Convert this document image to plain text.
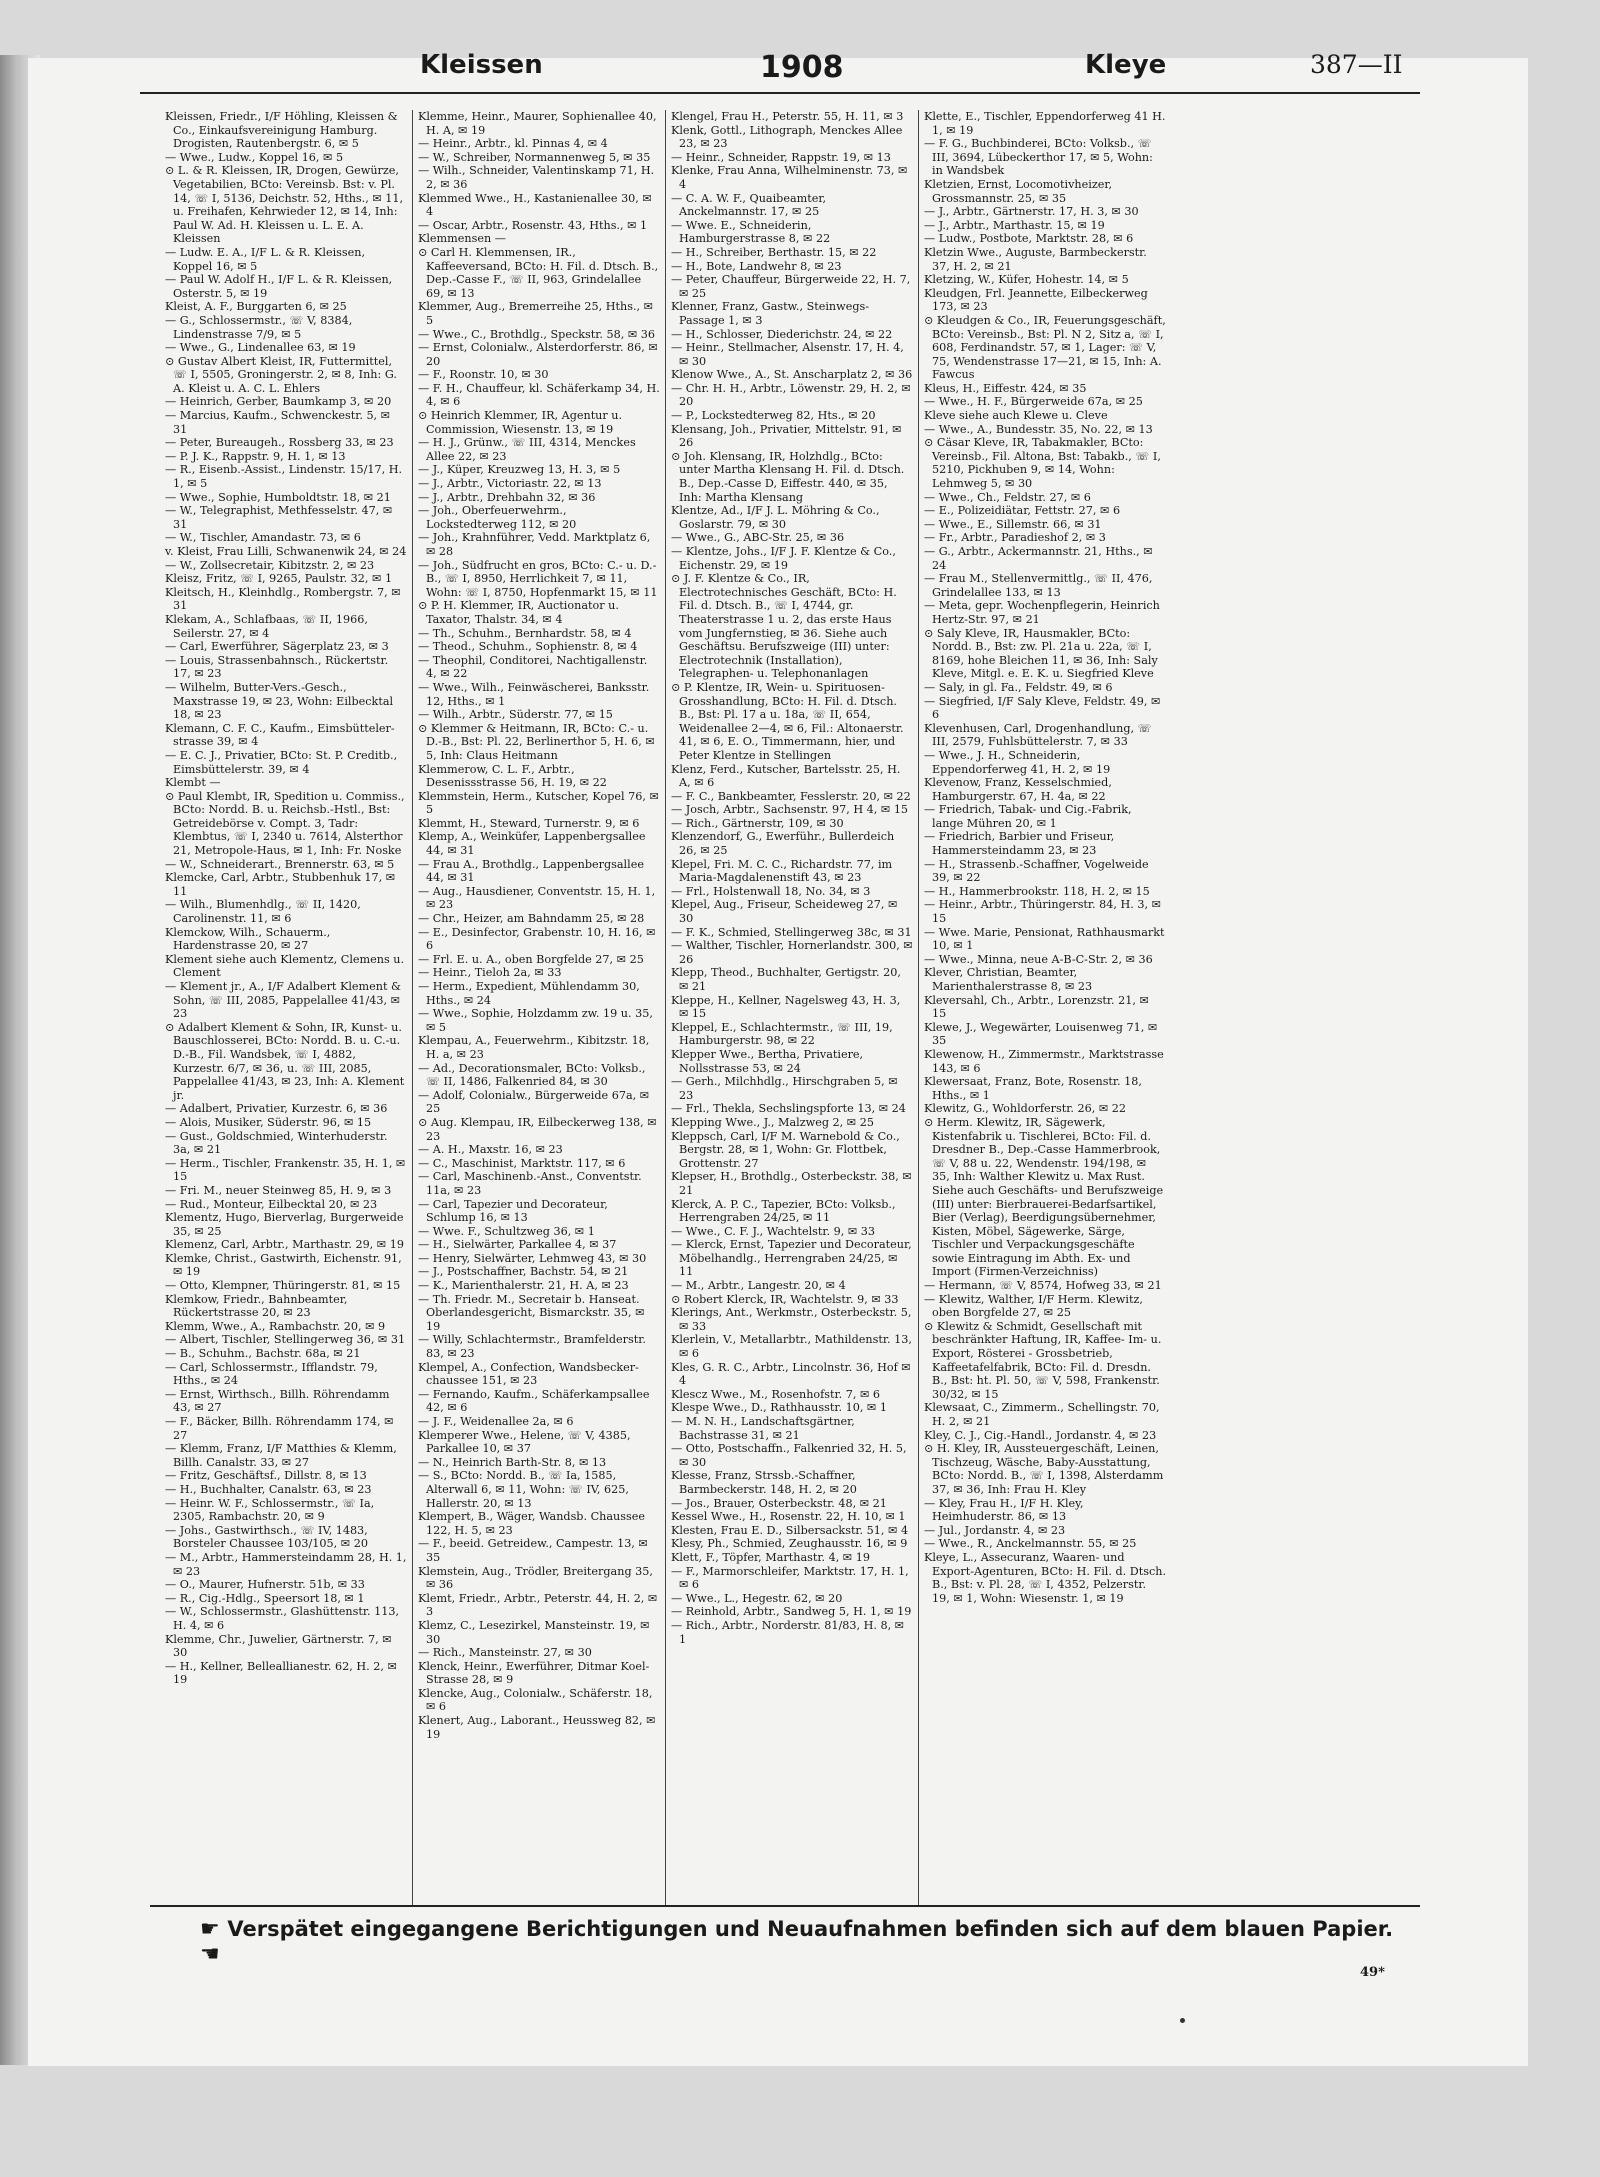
Kleissen	1908	Kleye	387—II

Kleissen, Friedr., I/F Höhling, Kleissen & Co., Einkaufsvereinigung Hamburg. Drogisten, Rautenbergstr. 6, ✉ 5

— Wwe., Ludw., Koppel 16, ✉ 5

⊙ L. & R. Kleissen, IR, Drogen, Gewürze, Vegetabilien, BCto: Vereinsb. Bst: v. Pl. 14, ☏ I, 5136, Deichstr. 52, Hths., ✉ 11, u. Freihafen, Kehrwieder 12, ✉ 14, Inh: Paul W. Ad. H. Kleissen u. L. E. A. Kleissen

— Ludw. E. A., I/F L. & R. Kleissen, Koppel 16, ✉ 5

— Paul W. Adolf H., I/F L. & R. Kleissen, Osterstr. 5, ✉ 19

Kleist, A. F., Burggarten 6, ✉ 25

— G., Schlossermstr., ☏ V, 8384, Lindenstrasse 7/9, ✉ 5

— Wwe., G., Lindenallee 63, ✉ 19

⊙ Gustav Albert Kleist, IR, Futtermittel, ☏ I, 5505, Groningerstr. 2, ✉ 8, Inh: G. A. Kleist u. A. C. L. Ehlers

— Heinrich, Gerber, Baumkamp 3, ✉ 20

— Marcius, Kaufm., Schwenckestr. 5, ✉ 31

— Peter, Bureaugeh., Rossberg 33, ✉ 23

— P. J. K., Rappstr. 9, H. 1, ✉ 13

— R., Eisenb.-Assist., Lindenstr. 15/17, H. 1, ✉ 5

— Wwe., Sophie, Humboldtstr. 18, ✉ 21

— W., Telegraphist, Methfesselstr. 47, ✉ 31

— W., Tischler, Amandastr. 73, ✉ 6

v. Kleist, Frau Lilli, Schwanenwik 24, ✉ 24

— W., Zollsecretair, Kibitzstr. 2, ✉ 23

Kleisz, Fritz, ☏ I, 9265, Paulstr. 32, ✉ 1

Kleitsch, H., Kleinhdlg., Rombergstr. 7, ✉ 31

Klekam, A., Schlafbaas, ☏ II, 1966, Seilerstr. 27, ✉ 4

— Carl, Ewerführer, Sägerplatz 23, ✉ 3

— Louis, Strassenbahnsch., Rückertstr. 17, ✉ 23

— Wilhelm, Butter-Vers.-Gesch., Maxstrasse 19, ✉ 23, Wohn: Eilbecktal 18, ✉ 23

Klemann, C. F. C., Kaufm., Eimsbütteler-strasse 39, ✉ 4

— E. C. J., Privatier, BCto: St. P. Creditb., Eimsbüttelerstr. 39, ✉ 4

Klembt —

⊙ Paul Klembt, IR, Spedition u. Commiss., BCto: Nordd. B. u. Reichsb.-Hstl., Bst: Getreidebörse v. Compt. 3, Tadr: Klembtus, ☏ I, 2340 u. 7614, Alsterthor 21, Metropole-Haus, ✉ 1, Inh: Fr. Noske

— W., Schneiderart., Brennerstr. 63, ✉ 5

Klemcke, Carl, Arbtr., Stubbenhuk 17, ✉ 11

— Wilh., Blumenhdlg., ☏ II, 1420, Carolinenstr. 11, ✉ 6

Klemckow, Wilh., Schauerm., Hardenstrasse 20, ✉ 27

Klement siehe auch Klementz, Clemens u. Clement

— Klement jr., A., I/F Adalbert Klement & Sohn, ☏ III, 2085, Pappelallee 41/43, ✉ 23

⊙ Adalbert Klement & Sohn, IR, Kunst- u. Bauschlosserei, BCto: Nordd. B. u. C.-u. D.-B., Fil. Wandsbek, ☏ I, 4882, Kurzestr. 6/7, ✉ 36, u. ☏ III, 2085, Pappelallee 41/43, ✉ 23, Inh: A. Klement jr.

— Adalbert, Privatier, Kurzestr. 6, ✉ 36

— Alois, Musiker, Süderstr. 96, ✉ 15

— Gust., Goldschmied, Winterhuderstr. 3a, ✉ 21

— Herm., Tischler, Frankenstr. 35, H. 1, ✉ 15

— Fri. M., neuer Steinweg 85, H. 9, ✉ 3

— Rud., Monteur, Eilbecktal 20, ✉ 23

Klementz, Hugo, Bierverlag, Burgerweide 35, ✉ 25

Klemenz, Carl, Arbtr., Marthastr. 29, ✉ 19

Klemke, Christ., Gastwirth, Eichenstr. 91, ✉ 19

— Otto, Klempner, Thüringerstr. 81, ✉ 15

Klemkow, Friedr., Bahnbeamter, Rückertstrasse 20, ✉ 23

Klemm, Wwe., A., Rambachstr. 20, ✉ 9

— Albert, Tischler, Stellingerweg 36, ✉ 31

— B., Schuhm., Bachstr. 68a, ✉ 21

— Carl, Schlossermstr., Ifflandstr. 79, Hths., ✉ 24

— Ernst, Wirthsch., Billh. Röhrendamm 43, ✉ 27

— F., Bäcker, Billh. Röhrendamm 174, ✉ 27

— Klemm, Franz, I/F Matthies & Klemm, Billh. Canalstr. 33, ✉ 27

— Fritz, Geschäftsf., Dillstr. 8, ✉ 13

— H., Buchhalter, Canalstr. 63, ✉ 23

— Heinr. W. F., Schlossermstr., ☏ Ia, 2305, Rambachstr. 20, ✉ 9

— Johs., Gastwirthsch., ☏ IV, 1483, Borsteler Chaussee 103/105, ✉ 20

— M., Arbtr., Hammersteindamm 28, H. 1, ✉ 23

— O., Maurer, Hufnerstr. 51b, ✉ 33

— R., Cig.-Hdlg., Speersort 18, ✉ 1

— W., Schlossermstr., Glashüttenstr. 113, H. 4, ✉ 6

Klemme, Chr., Juwelier, Gärtnerstr. 7, ✉ 30

— H., Kellner, Belleallianestr. 62, H. 2, ✉ 19

Klemme, Heinr., Maurer, Sophienallee 40, H. A, ✉ 19

— Heinr., Arbtr., kl. Pinnas 4, ✉ 4

— W., Schreiber, Normannenweg 5, ✉ 35

— Wilh., Schneider, Valentinskamp 71, H. 2, ✉ 36

Klemmed Wwe., H., Kastanienallee 30, ✉ 4

— Oscar, Arbtr., Rosenstr. 43, Hths., ✉ 1

Klemmensen —

⊙ Carl H. Klemmensen, IR., Kaffeeversand, BCto: H. Fil. d. Dtsch. B., Dep.-Casse F., ☏ II, 963, Grindelallee 69, ✉ 13

Klemmer, Aug., Bremerreihe 25, Hths., ✉ 5

— Wwe., C., Brothdlg., Speckstr. 58, ✉ 36

— Ernst, Colonialw., Alsterdorferstr. 86, ✉ 20

— F., Roonstr. 10, ✉ 30

— F. H., Chauffeur, kl. Schäferkamp 34, H. 4, ✉ 6

⊙ Heinrich Klemmer, IR, Agentur u. Commission, Wiesenstr. 13, ✉ 19

— H. J., Grünw., ☏ III, 4314, Menckes Allee 22, ✉ 23

— J., Küper, Kreuzweg 13, H. 3, ✉ 5

— J., Arbtr., Victoriastr. 22, ✉ 13

— J., Arbtr., Drehbahn 32, ✉ 36

— Joh., Oberfeuerwehrm., Lockstedterweg 112, ✉ 20

— Joh., Krahnführer, Vedd. Marktplatz 6, ✉ 28

— Joh., Südfrucht en gros, BCto: C.- u. D.-B., ☏ I, 8950, Herrlichkeit 7, ✉ 11, Wohn: ☏ I, 8750, Hopfenmarkt 15, ✉ 11

⊙ P. H. Klemmer, IR, Auctionator u. Taxator, Thalstr. 34, ✉ 4

— Th., Schuhm., Bernhardstr. 58, ✉ 4

— Theod., Schuhm., Sophienstr. 8, ✉ 4

— Theophil, Conditorei, Nachtigallenstr. 4, ✉ 22

— Wwe., Wilh., Feinwäscherei, Banksstr. 12, Hths., ✉ 1

— Wilh., Arbtr., Süderstr. 77, ✉ 15

⊙ Klemmer & Heitmann, IR, BCto: C.- u. D.-B., Bst: Pl. 22, Berlinerthor 5, H. 6, ✉ 5, Inh: Claus Heitmann

Klemmerow, C. L. F., Arbtr., Desenissstrasse 56, H. 19, ✉ 22

Klemmstein, Herm., Kutscher, Kopel 76, ✉ 5

Klemmt, H., Steward, Turnerstr. 9, ✉ 6

Klemp, A., Weinküfer, Lappenbergsallee 44, ✉ 31

— Frau A., Brothdlg., Lappenbergsallee 44, ✉ 31

— Aug., Hausdiener, Conventstr. 15, H. 1, ✉ 23

— Chr., Heizer, am Bahndamm 25, ✉ 28

— E., Desinfector, Grabenstr. 10, H. 16, ✉ 6

— Frl. E. u. A., oben Borgfelde 27, ✉ 25

— Heinr., Tieloh 2a, ✉ 33

— Herm., Expedient, Mühlendamm 30, Hths., ✉ 24

— Wwe., Sophie, Holzdamm zw. 19 u. 35, ✉ 5

Klempau, A., Feuerwehrm., Kibitzstr. 18, H. a, ✉ 23

— Ad., Decorationsmaler, BCto: Volksb., ☏ II, 1486, Falkenried 84, ✉ 30

— Adolf, Colonialw., Bürgerweide 67a, ✉ 25

⊙ Aug. Klempau, IR, Eilbeckerweg 138, ✉ 23

— A. H., Maxstr. 16, ✉ 23

— C., Maschinist, Marktstr. 117, ✉ 6

— Carl, Maschinenb.-Anst., Conventstr. 11a, ✉ 23

— Carl, Tapezier und Decorateur, Schlump 16, ✉ 13

— Wwe. F., Schultzweg 36, ✉ 1

— H., Sielwärter, Parkallee 4, ✉ 37

— Henry, Sielwärter, Lehmweg 43, ✉ 30

— J., Postschaffner, Bachstr. 54, ✉ 21

— K., Marienthalerstr. 21, H. A, ✉ 23

— Th. Friedr. M., Secretair b. Hanseat. Oberlandesgericht, Bismarckstr. 35, ✉ 19

— Willy, Schlachtermstr., Bramfelderstr. 83, ✉ 23

Klempel, A., Confection, Wandsbecker-chaussee 151, ✉ 23

— Fernando, Kaufm., Schäferkampsallee 42, ✉ 6

— J. F., Weidenallee 2a, ✉ 6

Klemperer Wwe., Helene, ☏ V, 4385, Parkallee 10, ✉ 37

— N., Heinrich Barth-Str. 8, ✉ 13

— S., BCto: Nordd. B., ☏ Ia, 1585, Alterwall 6, ✉ 11, Wohn: ☏ IV, 625, Hallerstr. 20, ✉ 13

Klempert, B., Wäger, Wandsb. Chaussee 122, H. 5, ✉ 23

— F., beeid. Getreidew., Campestr. 13, ✉ 35

Klemstein, Aug., Trödler, Breitergang 35, ✉ 36

Klemt, Friedr., Arbtr., Peterstr. 44, H. 2, ✉ 3

Klemz, C., Lesezirkel, Mansteinstr. 19, ✉ 30

— Rich., Mansteinstr. 27, ✉ 30

Klenck, Heinr., Ewerführer, Ditmar Koel-Strasse 28, ✉ 9

Klencke, Aug., Colonialw., Schäferstr. 18, ✉ 6

Klenert, Aug., Laborant., Heussweg 82, ✉ 19

Klengel, Frau H., Peterstr. 55, H. 11, ✉ 3

Klenk, Gottl., Lithograph, Menckes Allee 23, ✉ 23

— Heinr., Schneider, Rappstr. 19, ✉ 13

Klenke, Frau Anna, Wilhelminenstr. 73, ✉ 4

— C. A. W. F., Quaibeamter, Anckelmannstr. 17, ✉ 25

— Wwe. E., Schneiderin, Hamburgerstrasse 8, ✉ 22

— H., Schreiber, Berthastr. 15, ✉ 22

— H., Bote, Landwehr 8, ✉ 23

— Peter, Chauffeur, Bürgerweide 22, H. 7, ✉ 25

Klenner, Franz, Gastw., Steinwegs-Passage 1, ✉ 3

— H., Schlosser, Diederichstr. 24, ✉ 22

— Heinr., Stellmacher, Alsenstr. 17, H. 4, ✉ 30

Klenow Wwe., A., St. Anscharplatz 2, ✉ 36

— Chr. H. H., Arbtr., Löwenstr. 29, H. 2, ✉ 20

— P., Lockstedterweg 82, Hts., ✉ 20

Klensang, Joh., Privatier, Mittelstr. 91, ✉ 26

⊙ Joh. Klensang, IR, Holzhdlg., BCto: unter Martha Klensang H. Fil. d. Dtsch. B., Dep.-Casse D, Eiffestr. 440, ✉ 35, Inh: Martha Klensang

Klentze, Ad., I/F J. L. Möhring & Co., Goslarstr. 79, ✉ 30

— Wwe., G., ABC-Str. 25, ✉ 36

— Klentze, Johs., I/F J. F. Klentze & Co., Eichenstr. 29, ✉ 19

⊙ J. F. Klentze & Co., IR, Electrotechnisches Geschäft, BCto: H. Fil. d. Dtsch. B., ☏ I, 4744, gr. Theaterstrasse 1 u. 2, das erste Haus vom Jungfernstieg, ✉ 36. Siehe auch Geschäftsu. Berufszweige (III) unter: Electrotechnik (Installation), Telegraphen- u. Telephonanlagen

⊙ P. Klentze, IR, Wein- u. Spirituosen-Grosshandlung, BCto: H. Fil. d. Dtsch. B., Bst: Pl. 17 a u. 18a, ☏ II, 654, Weidenallee 2—4, ✉ 6, Fil.: Altonaerstr. 41, ✉ 6, E. O., Timmermann, hier, und Peter Klentze in Stellingen

Klenz, Ferd., Kutscher, Bartelsstr. 25, H. A, ✉ 6

— F. C., Bankbeamter, Fesslerstr. 20, ✉ 22

— Josch, Arbtr., Sachsenstr. 97, H 4, ✉ 15

— Rich., Gärtnerstr, 109, ✉ 30

Klenzendorf, G., Ewerführ., Bullerdeich 26, ✉ 25

Klepel, Fri. M. C. C., Richardstr. 77, im Maria-Magdalenenstift 43, ✉ 23

— Frl., Holstenwall 18, No. 34, ✉ 3

Klepel, Aug., Friseur, Scheideweg 27, ✉ 30

— F. K., Schmied, Stellingerweg 38c, ✉ 31

— Walther, Tischler, Hornerlandstr. 300, ✉ 26

Klepp, Theod., Buchhalter, Gertigstr. 20, ✉ 21

Kleppe, H., Kellner, Nagelsweg 43, H. 3, ✉ 15

Kleppel, E., Schlachtermstr., ☏ III, 19, Hamburgerstr. 98, ✉ 22

Klepper Wwe., Bertha, Privatiere, Nollsstrasse 53, ✉ 24

— Gerh., Milchhdlg., Hirschgraben 5, ✉ 23

— Frl., Thekla, Sechslingspforte 13, ✉ 24

Klepping Wwe., J., Malzweg 2, ✉ 25

Kleppsch, Carl, I/F M. Warnebold & Co., Bergstr. 28, ✉ 1, Wohn: Gr. Flottbek, Grottenstr. 27

Klepser, H., Brothdlg., Osterbeckstr. 38, ✉ 21

Klerck, A. P. C., Tapezier, BCto: Volksb., Herrengraben 24/25, ✉ 11

— Wwe., C. F. J., Wachtelstr. 9, ✉ 33

— Klerck, Ernst, Tapezier und Decorateur, Möbelhandlg., Herrengraben 24/25, ✉ 11

— M., Arbtr., Langestr. 20, ✉ 4

⊙ Robert Klerck, IR, Wachtelstr. 9, ✉ 33

Klerings, Ant., Werkmstr., Osterbeckstr. 5, ✉ 33

Klerlein, V., Metallarbtr., Mathildenstr. 13, ✉ 6

Kles, G. R. C., Arbtr., Lincolnstr. 36, Hof ✉ 4

Klescz Wwe., M., Rosenhofstr. 7, ✉ 6

Klespe Wwe., D., Rathhausstr. 10, ✉ 1

— M. N. H., Landschaftsgärtner, Bachstrasse 31, ✉ 21

— Otto, Postschaffn., Falkenried 32, H. 5, ✉ 30

Klesse, Franz, Strssb.-Schaffner, Barmbeckerstr. 148, H. 2, ✉ 20

— Jos., Brauer, Osterbeckstr. 48, ✉ 21

Kessel Wwe., H., Rosenstr. 22, H. 10, ✉ 1

Klesten, Frau E. D., Silbersackstr. 51, ✉ 4

Klesy, Ph., Schmied, Zeughausstr. 16, ✉ 9

Klett, F., Töpfer, Marthastr. 4, ✉ 19

— F., Marmorschleifer, Marktstr. 17, H. 1, ✉ 6

— Wwe., L., Hegestr. 62, ✉ 20

— Reinhold, Arbtr., Sandweg 5, H. 1, ✉ 19

— Rich., Arbtr., Norderstr. 81/83, H. 8, ✉ 1

Klette, E., Tischler, Eppendorferweg 41 H. 1, ✉ 19

— F. G., Buchbinderei, BCto: Volksb., ☏ III, 3694, Lübeckerthor 17, ✉ 5, Wohn: in Wandsbek

Kletzien, Ernst, Locomotivheizer, Grossmannstr. 25, ✉ 35

— J., Arbtr., Gärtnerstr. 17, H. 3, ✉ 30

— J., Arbtr., Marthastr. 15, ✉ 19

— Ludw., Postbote, Marktstr. 28, ✉ 6

Kletzin Wwe., Auguste, Barmbeckerstr. 37, H. 2, ✉ 21

Kletzing, W., Küfer, Hohestr. 14, ✉ 5

Kleudgen, Frl. Jeannette, Eilbeckerweg 173, ✉ 23

⊙ Kleudgen & Co., IR, Feuerungsgeschäft, BCto: Vereinsb., Bst: Pl. N 2, Sitz a, ☏ I, 608, Ferdinandstr. 57, ✉ 1, Lager: ☏ V, 75, Wendenstrasse 17—21, ✉ 15, Inh: A. Fawcus

Kleus, H., Eiffestr. 424, ✉ 35

— Wwe., H. F., Bürgerweide 67a, ✉ 25

Kleve siehe auch Klewe u. Cleve

— Wwe., A., Bundesstr. 35, No. 22, ✉ 13

⊙ Cäsar Kleve, IR, Tabakmakler, BCto: Vereinsb., Fil. Altona, Bst: Tabakb., ☏ I, 5210, Pickhuben 9, ✉ 14, Wohn: Lehmweg 5, ✉ 30

— Wwe., Ch., Feldstr. 27, ✉ 6

— E., Polizeidiätar, Fettstr. 27, ✉ 6

— Wwe., E., Sillemstr. 66, ✉ 31

— Fr., Arbtr., Paradieshof 2, ✉ 3

— G., Arbtr., Ackermannstr. 21, Hths., ✉ 24

— Frau M., Stellenvermittlg., ☏ II, 476, Grindelallee 133, ✉ 13

— Meta, gepr. Wochenpflegerin, Heinrich Hertz-Str. 97, ✉ 21

⊙ Saly Kleve, IR, Hausmakler, BCto: Nordd. B., Bst: zw. Pl. 21a u. 22a, ☏ I, 8169, hohe Bleichen 11, ✉ 36, Inh: Saly Kleve, Mitgl. e. E. K. u. Siegfried Kleve

— Saly, in gl. Fa., Feldstr. 49, ✉ 6

— Siegfried, I/F Saly Kleve, Feldstr. 49, ✉ 6

Klevenhusen, Carl, Drogenhandlung, ☏ III, 2579, Fuhlsbüttelerstr. 7, ✉ 33

— Wwe., J. H., Schneiderin, Eppendorferweg 41, H. 2, ✉ 19

Klevenow, Franz, Kesselschmied, Hamburgerstr. 67, H. 4a, ✉ 22

— Friedrich, Tabak- und Cig.-Fabrik, lange Mühren 20, ✉ 1

— Friedrich, Barbier und Friseur, Hammersteindamm 23, ✉ 23

— H., Strassenb.-Schaffner, Vogelweide 39, ✉ 22

— H., Hammerbrookstr. 118, H. 2, ✉ 15

— Heinr., Arbtr., Thüringerstr. 84, H. 3, ✉ 15

— Wwe. Marie, Pensionat, Rathhausmarkt 10, ✉ 1

— Wwe., Minna, neue A-B-C-Str. 2, ✉ 36

Klever, Christian, Beamter, Marienthalerstrasse 8, ✉ 23

Kleversahl, Ch., Arbtr., Lorenzstr. 21, ✉ 15

Klewe, J., Wegewärter, Louisenweg 71, ✉ 35

Klewenow, H., Zimmermstr., Marktstrasse 143, ✉ 6

Klewersaat, Franz, Bote, Rosenstr. 18, Hths., ✉ 1

Klewitz, G., Wohldorferstr. 26, ✉ 22

⊙ Herm. Klewitz, IR, Sägewerk, Kistenfabrik u. Tischlerei, BCto: Fil. d. Dresdner B., Dep.-Casse Hammerbrook, ☏ V, 88 u. 22, Wendenstr. 194/198, ✉ 35, Inh: Walther Klewitz u. Max Rust. Siehe auch Geschäfts- und Berufszweige (III) unter: Bierbrauerei-Bedarfsartikel, Bier (Verlag), Beerdigungsübernehmer, Kisten, Möbel, Sägewerke, Särge, Tischler und Verpackungsgeschäfte sowie Eintragung im Abth. Ex- und Import (Firmen-Verzeichniss)

— Hermann, ☏ V, 8574, Hofweg 33, ✉ 21

— Klewitz, Walther, I/F Herm. Klewitz, oben Borgfelde 27, ✉ 25

⊙ Klewitz & Schmidt, Gesellschaft mit beschränkter Haftung, IR, Kaffee- Im- u. Export, Rösterei - Grossbetrieb, Kaffeetafelfabrik, BCto: Fil. d. Dresdn. B., Bst: ht. Pl. 50, ☏ V, 598, Frankenstr. 30/32, ✉ 15

Klewsaat, C., Zimmerm., Schellingstr. 70, H. 2, ✉ 21

Kley, C. J., Cig.-Handl., Jordanstr. 4, ✉ 23

⊙ H. Kley, IR, Aussteuergeschäft, Leinen, Tischzeug, Wäsche, Baby-Ausstattung, BCto: Nordd. B., ☏ I, 1398, Alsterdamm 37, ✉ 36, Inh: Frau H. Kley

— Kley, Frau H., I/F H. Kley, Heimhuderstr. 86, ✉ 13

— Jul., Jordanstr. 4, ✉ 23

— Wwe., R., Anckelmannstr. 55, ✉ 25

Kleye, L., Assecuranz, Waaren- und Export-Agenturen, BCto: H. Fil. d. Dtsch. B., Bst: v. Pl. 28, ☏ I, 4352, Pelzerstr. 19, ✉ 1, Wohn: Wiesenstr. 1, ✉ 19

☛ Verspätet eingegangene Berichtigungen und Neuaufnahmen befinden sich auf dem blauen Papier. ☚
49*
